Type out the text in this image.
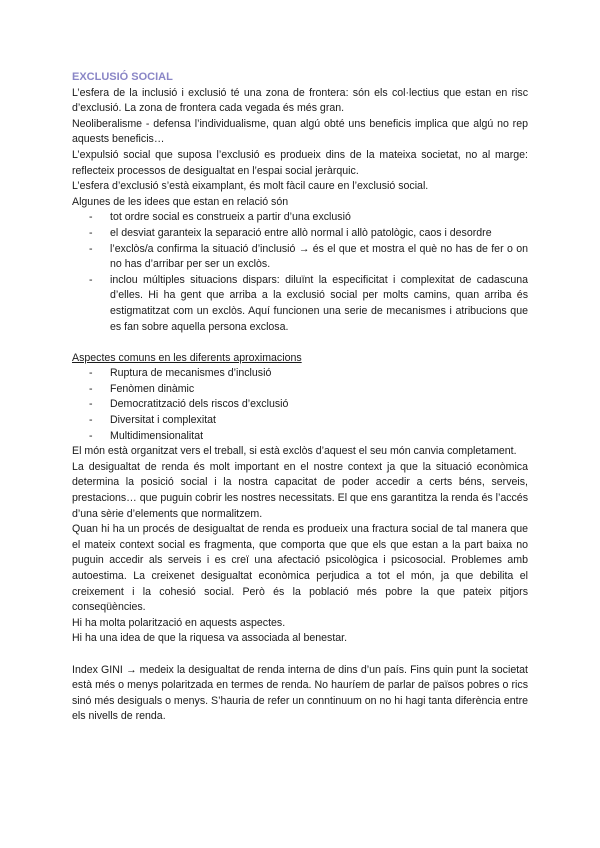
EXCLUSIÓ SOCIAL

L’esfera de la inclusió i exclusió té una zona de frontera: són els col·lectius que estan en risc d’exclusió. La zona de frontera cada vegada és més gran.

Neoliberalisme - defensa l’individualisme, quan algú obté uns beneficis implica que algú no rep aquests beneficis…

L’expulsió social que suposa l’exclusió es produeix dins de la mateixa societat, no al marge: reflecteix processos de desigualtat en l’espai social jeràrquic.

L’esfera d’exclusió s’està eixamplant, és molt fàcil caure en l’exclusió social.

Algunes de les idees que estan en relació són

- tot ordre social es construeix a partir d’una exclusió
- el desviat garanteix la separació entre allò normal i allò patològic, caos i desordre
- l’exclòs/a confirma la situació d’inclusió → és el que et mostra el què no has de fer o on no has d’arribar per ser un exclòs.
- inclou múltiples situacions dispars: diluïnt la especificitat i complexitat de cadascuna d’elles. Hi ha gent que arriba a la exclusió social per molts camins, quan arriba és estigmatitzat com un exclòs. Aquí funcionen una serie de mecanismes i atribucions que es fan sobre aquella persona exclosa.

Aspectes comuns en les diferents aproximacions

- Ruptura de mecanismes d’inclusió
- Fenòmen dinàmic
- Democratització dels riscos d’exclusió
- Diversitat i complexitat
- Multidimensionalitat

El món està organitzat vers el treball, si està exclòs d’aquest el seu món canvia completament.

La desigualtat de renda és molt important en el nostre context ja que la situació econòmica determina la posició social i la nostra capacitat de poder accedir a certs béns, serveis, prestacions… que puguin cobrir les nostres necessitats. El que ens garantitza la renda és l’accés d’una sèrie d’elements que normalitzem.

Quan hi ha un procés de desigualtat de renda es produeix una fractura social de tal manera que el mateix context social es fragmenta, que comporta que que els que estan a la part baixa no puguin accedir als serveis i es creï una afectació psicològica i psicosocial. Problemes amb autoestima. La creixenet desigualtat econòmica perjudica a tot el món, ja que debilita el creixement i la cohesió social. Però és la població més pobre la que pateix pitjors conseqüències.

Hi ha molta polarització en aquests aspectes.

Hi ha una idea de que la riquesa va associada al benestar.

Index GINI → medeix la desigualtat de renda interna de dins d’un país. Fins quin punt la societat està més o menys polaritzada en termes de renda. No hauríem de parlar de països pobres o rics sinó més desiguals o menys. S’hauria de refer un conntinuum on no hi hagi tanta diferència entre els nivells de renda.
